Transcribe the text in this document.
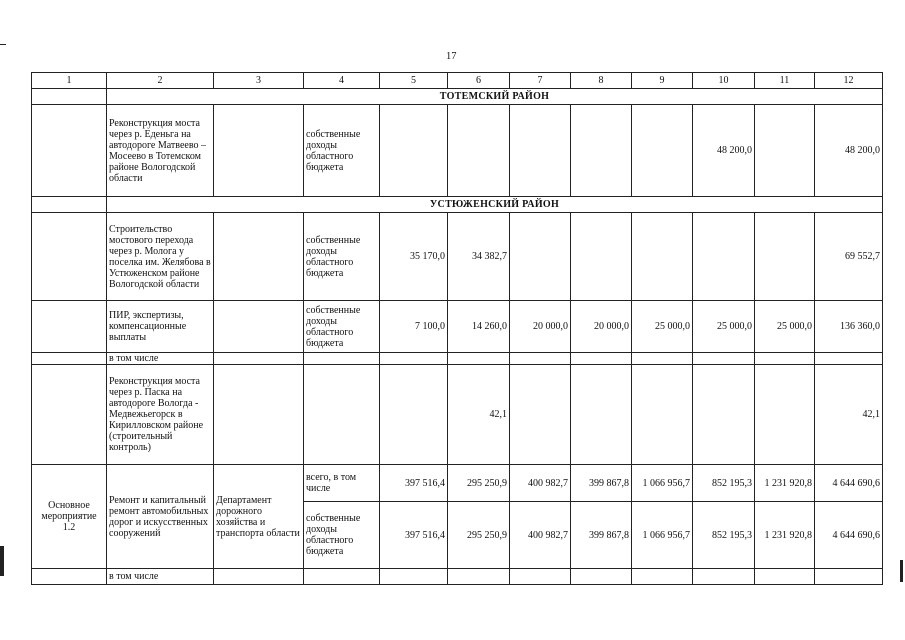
17
1	2	3	4	5	6	7	8	9	10	11	12
	ТОТЕМСКИЙ РАЙОН										
	Реконструкция моста через р. Еденьга на автодороге Матвеево – Мосеево в Тотемском районе Вологодской области		собственные доходы областного бюджета						48 200,0		48 200,0
	УСТЮЖЕНСКИЙ РАЙОН										
	Строительство мостового перехода через р. Молога у поселка им. Желябова в Устюженском районе Вологодской области		собственные доходы областного бюджета	35 170,0	34 382,7						69 552,7
	ПИР, экспертизы, компенсационные выплаты		собственные доходы областного бюджета	7 100,0	14 260,0	20 000,0	20 000,0	25 000,0	25 000,0	25 000,0	136 360,0
	в том числе										
	Реконструкция моста через р. Паска на автодороге Вологда - Медвежьегорск в Кирилловском районе (строительный контроль)				42,1						42,1
Основное мероприятие 1.2	Ремонт и капитальный ремонт автомобильных дорог и искусственных сооружений	Департамент дорожного хозяйства и транспорта области	всего, в том числе	397 516,4	295 250,9	400 982,7	399 867,8	1 066 956,7	852 195,3	1 231 920,8	4 644 690,6
			собственные доходы областного бюджета	397 516,4	295 250,9	400 982,7	399 867,8	1 066 956,7	852 195,3	1 231 920,8	4 644 690,6
	в том числе										
